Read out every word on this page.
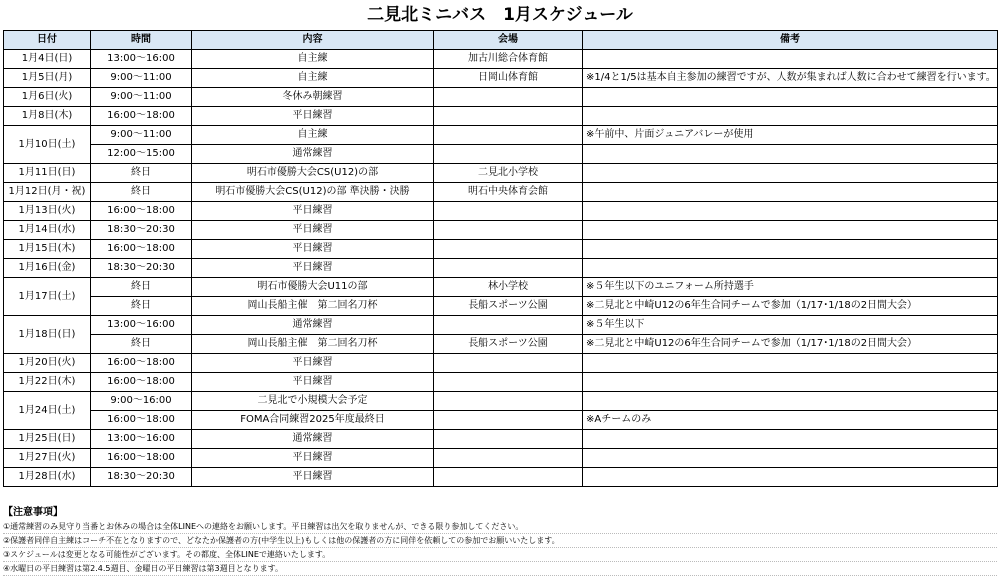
二見北ミニバス　1月スケジュール
日付	時間	内容	会場	備考
1月4日(日)	13:00〜16:00	自主練	加古川総合体育館	
1月5日(月)	9:00〜11:00	自主練	日岡山体育館	※1/4と1/5は基本自主参加の練習ですが、人数が集まれば人数に合わせて練習を行います。
1月6日(火)	9:00〜11:00	冬休み朝練習		
1月8日(木)	16:00〜18:00	平日練習		
1月10日(土)	9:00〜11:00	自主練		※午前中、片面ジュニアバレーが使用
	12:00〜15:00	通常練習		
1月11日(日)	終日	明石市優勝大会CS(U12)の部	二見北小学校	
1月12日(月・祝)	終日	明石市優勝大会CS(U12)の部 準決勝・決勝	明石中央体育会館	
1月13日(火)	16:00〜18:00	平日練習		
1月14日(水)	18:30〜20:30	平日練習		
1月15日(木)	16:00〜18:00	平日練習		
1月16日(金)	18:30〜20:30	平日練習		
1月17日(土)	終日	明石市優勝大会U11の部	林小学校	※５年生以下のユニフォーム所持選手
	終日	岡山長船主催　第二回名刀杯	長船スポーツ公園	※二見北と中崎U12の6年生合同チームで参加（1/17･1/18の2日間大会）
1月18日(日)	13:00〜16:00	通常練習		※５年生以下
	終日	岡山長船主催　第二回名刀杯	長船スポーツ公園	※二見北と中崎U12の6年生合同チームで参加（1/17･1/18の2日間大会）
1月20日(火)	16:00〜18:00	平日練習		
1月22日(木)	16:00〜18:00	平日練習		
1月24日(土)	9:00〜16:00	二見北で小規模大会予定		
	16:00〜18:00	FOMA合同練習2025年度最終日		※Aチームのみ
1月25日(日)	13:00〜16:00	通常練習		
1月27日(火)	16:00〜18:00	平日練習		
1月28日(水)	18:30〜20:30	平日練習		
【注意事項】
①通常練習のみ見守り当番とお休みの場合は全体LINEへの連絡をお願いします。平日練習は出欠を取りませんが、できる限り参加してください。
②保護者同伴自主練はコーチ不在となりますので、どなたか保護者の方(中学生以上)もしくは他の保護者の方に同伴を依頼しての参加でお願いいたします。
③スケジュールは変更となる可能性がございます。その都度、全体LINEで連絡いたします。
④水曜日の平日練習は第2.4.5週目、金曜日の平日練習は第3週目となります。
